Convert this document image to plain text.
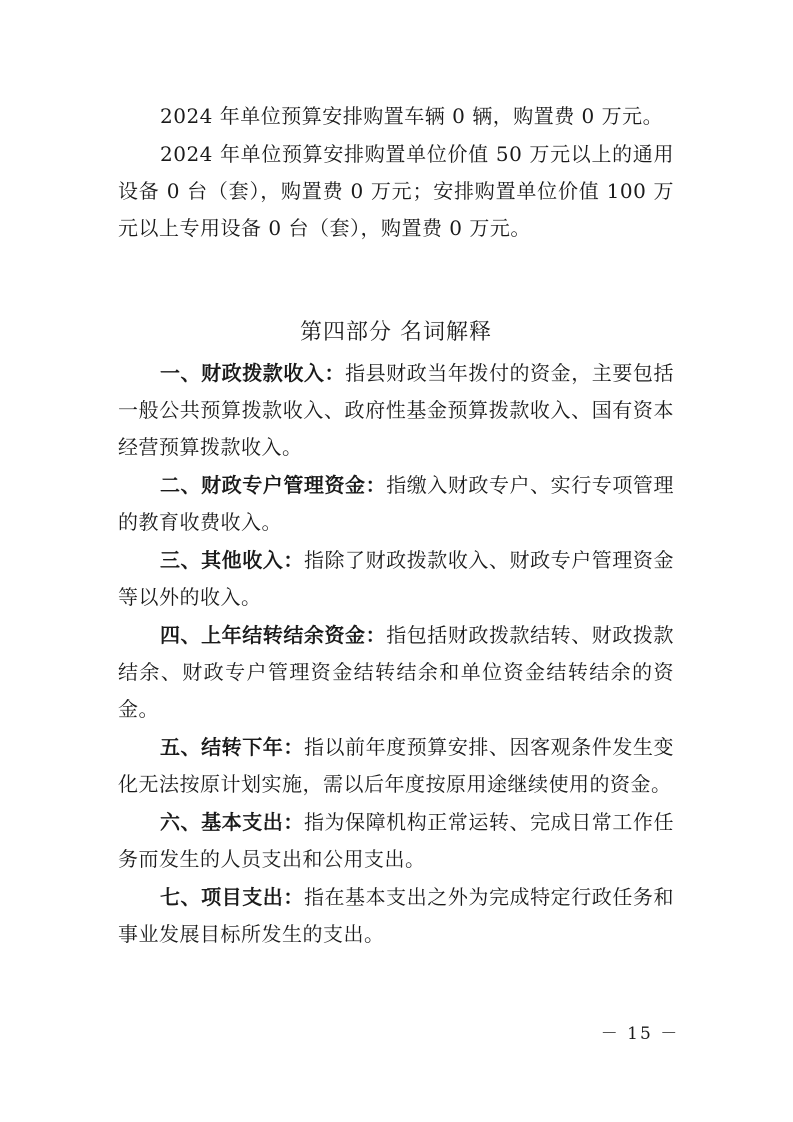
2024 年单位预算安排购置车辆 0 辆，购置费 0 万元。

2024 年单位预算安排购置单位价值 50 万元以上的通用设备 0 台（套），购置费 0 万元；安排购置单位价值 100 万元以上专用设备 0 台（套），购置费 0 万元。

第四部分 名词解释

一、财政拨款收入：指县财政当年拨付的资金，主要包括一般公共预算拨款收入、政府性基金预算拨款收入、国有资本经营预算拨款收入。

二、财政专户管理资金：指缴入财政专户、实行专项管理的教育收费收入。

三、其他收入：指除了财政拨款收入、财政专户管理资金等以外的收入。

四、上年结转结余资金：指包括财政拨款结转、财政拨款结余、财政专户管理资金结转结余和单位资金结转结余的资金。

五、结转下年：指以前年度预算安排、因客观条件发生变化无法按原计划实施，需以后年度按原用途继续使用的资金。

六、基本支出：指为保障机构正常运转、完成日常工作任务而发生的人员支出和公用支出。

七、项目支出：指在基本支出之外为完成特定行政任务和事业发展目标所发生的支出。

－ 15 －
